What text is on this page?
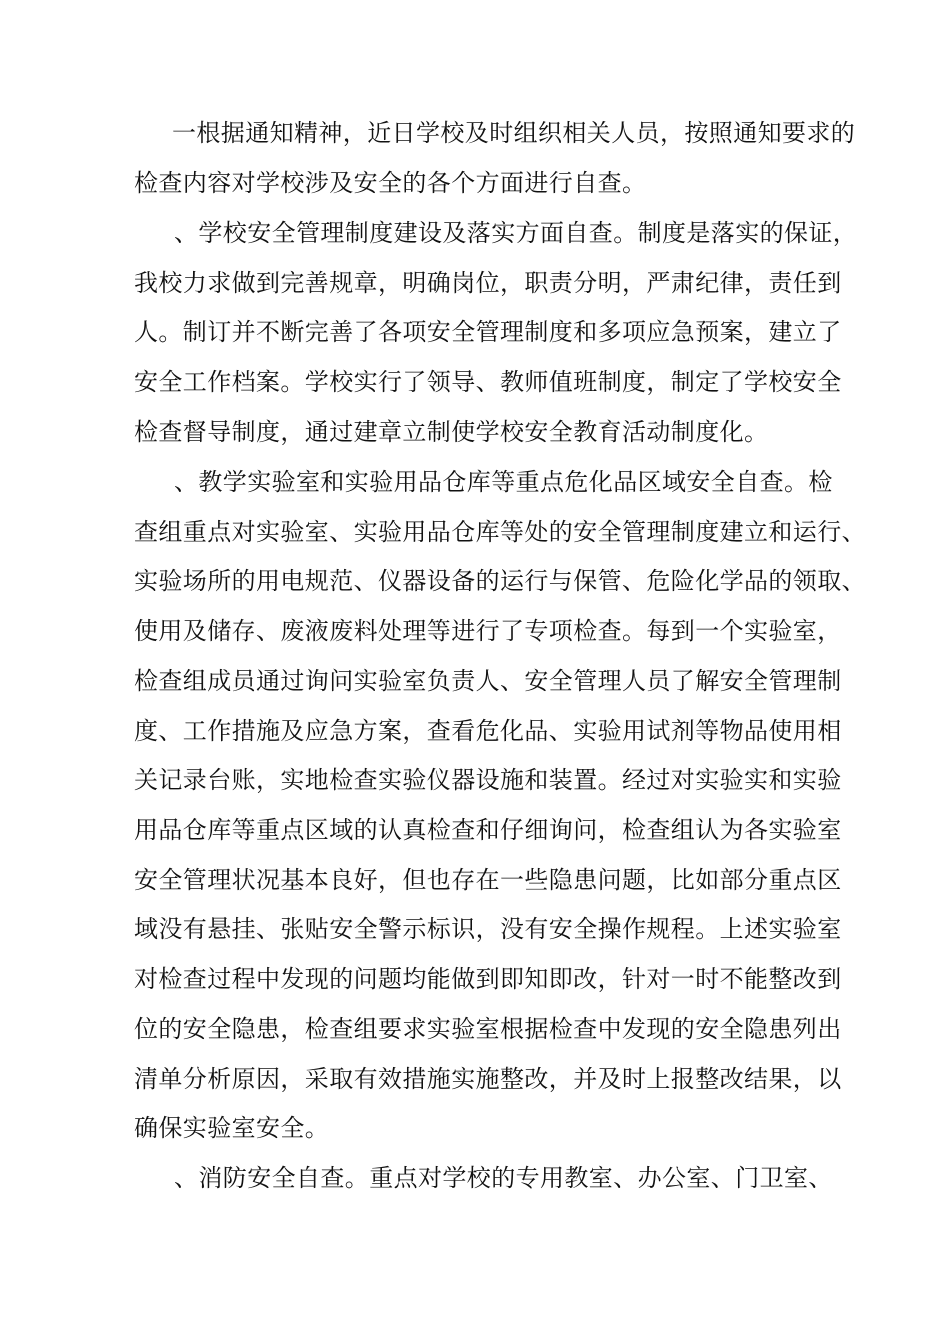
一根据通知精神，近日学校及时组织相关人员，按照通知要求的
检查内容对学校涉及安全的各个方面进行自查。
、学校安全管理制度建设及落实方面自查。制度是落实的保证，
我校力求做到完善规章，明确岗位，职责分明，严肃纪律，责任到
人。制订并不断完善了各项安全管理制度和多项应急预案，建立了
安全工作档案。学校实行了领导、教师值班制度，制定了学校安全
检查督导制度，通过建章立制使学校安全教育活动制度化。
、教学实验室和实验用品仓库等重点危化品区域安全自查。检
查组重点对实验室、实验用品仓库等处的安全管理制度建立和运行、
实验场所的用电规范、仪器设备的运行与保管、危险化学品的领取、
使用及储存、废液废料处理等进行了专项检查。每到一个实验室，
检查组成员通过询问实验室负责人、安全管理人员了解安全管理制
度、工作措施及应急方案，查看危化品、实验用试剂等物品使用相
关记录台账，实地检查实验仪器设施和装置。经过对实验实和实验
用品仓库等重点区域的认真检查和仔细询问，检查组认为各实验室
安全管理状况基本良好，但也存在一些隐患问题，比如部分重点区
域没有悬挂、张贴安全警示标识，没有安全操作规程。上述实验室
对检查过程中发现的问题均能做到即知即改，针对一时不能整改到
位的安全隐患，检查组要求实验室根据检查中发现的安全隐患列出
清单分析原因，采取有效措施实施整改，并及时上报整改结果，以
确保实验室安全。
、消防安全自查。重点对学校的专用教室、办公室、门卫室、
